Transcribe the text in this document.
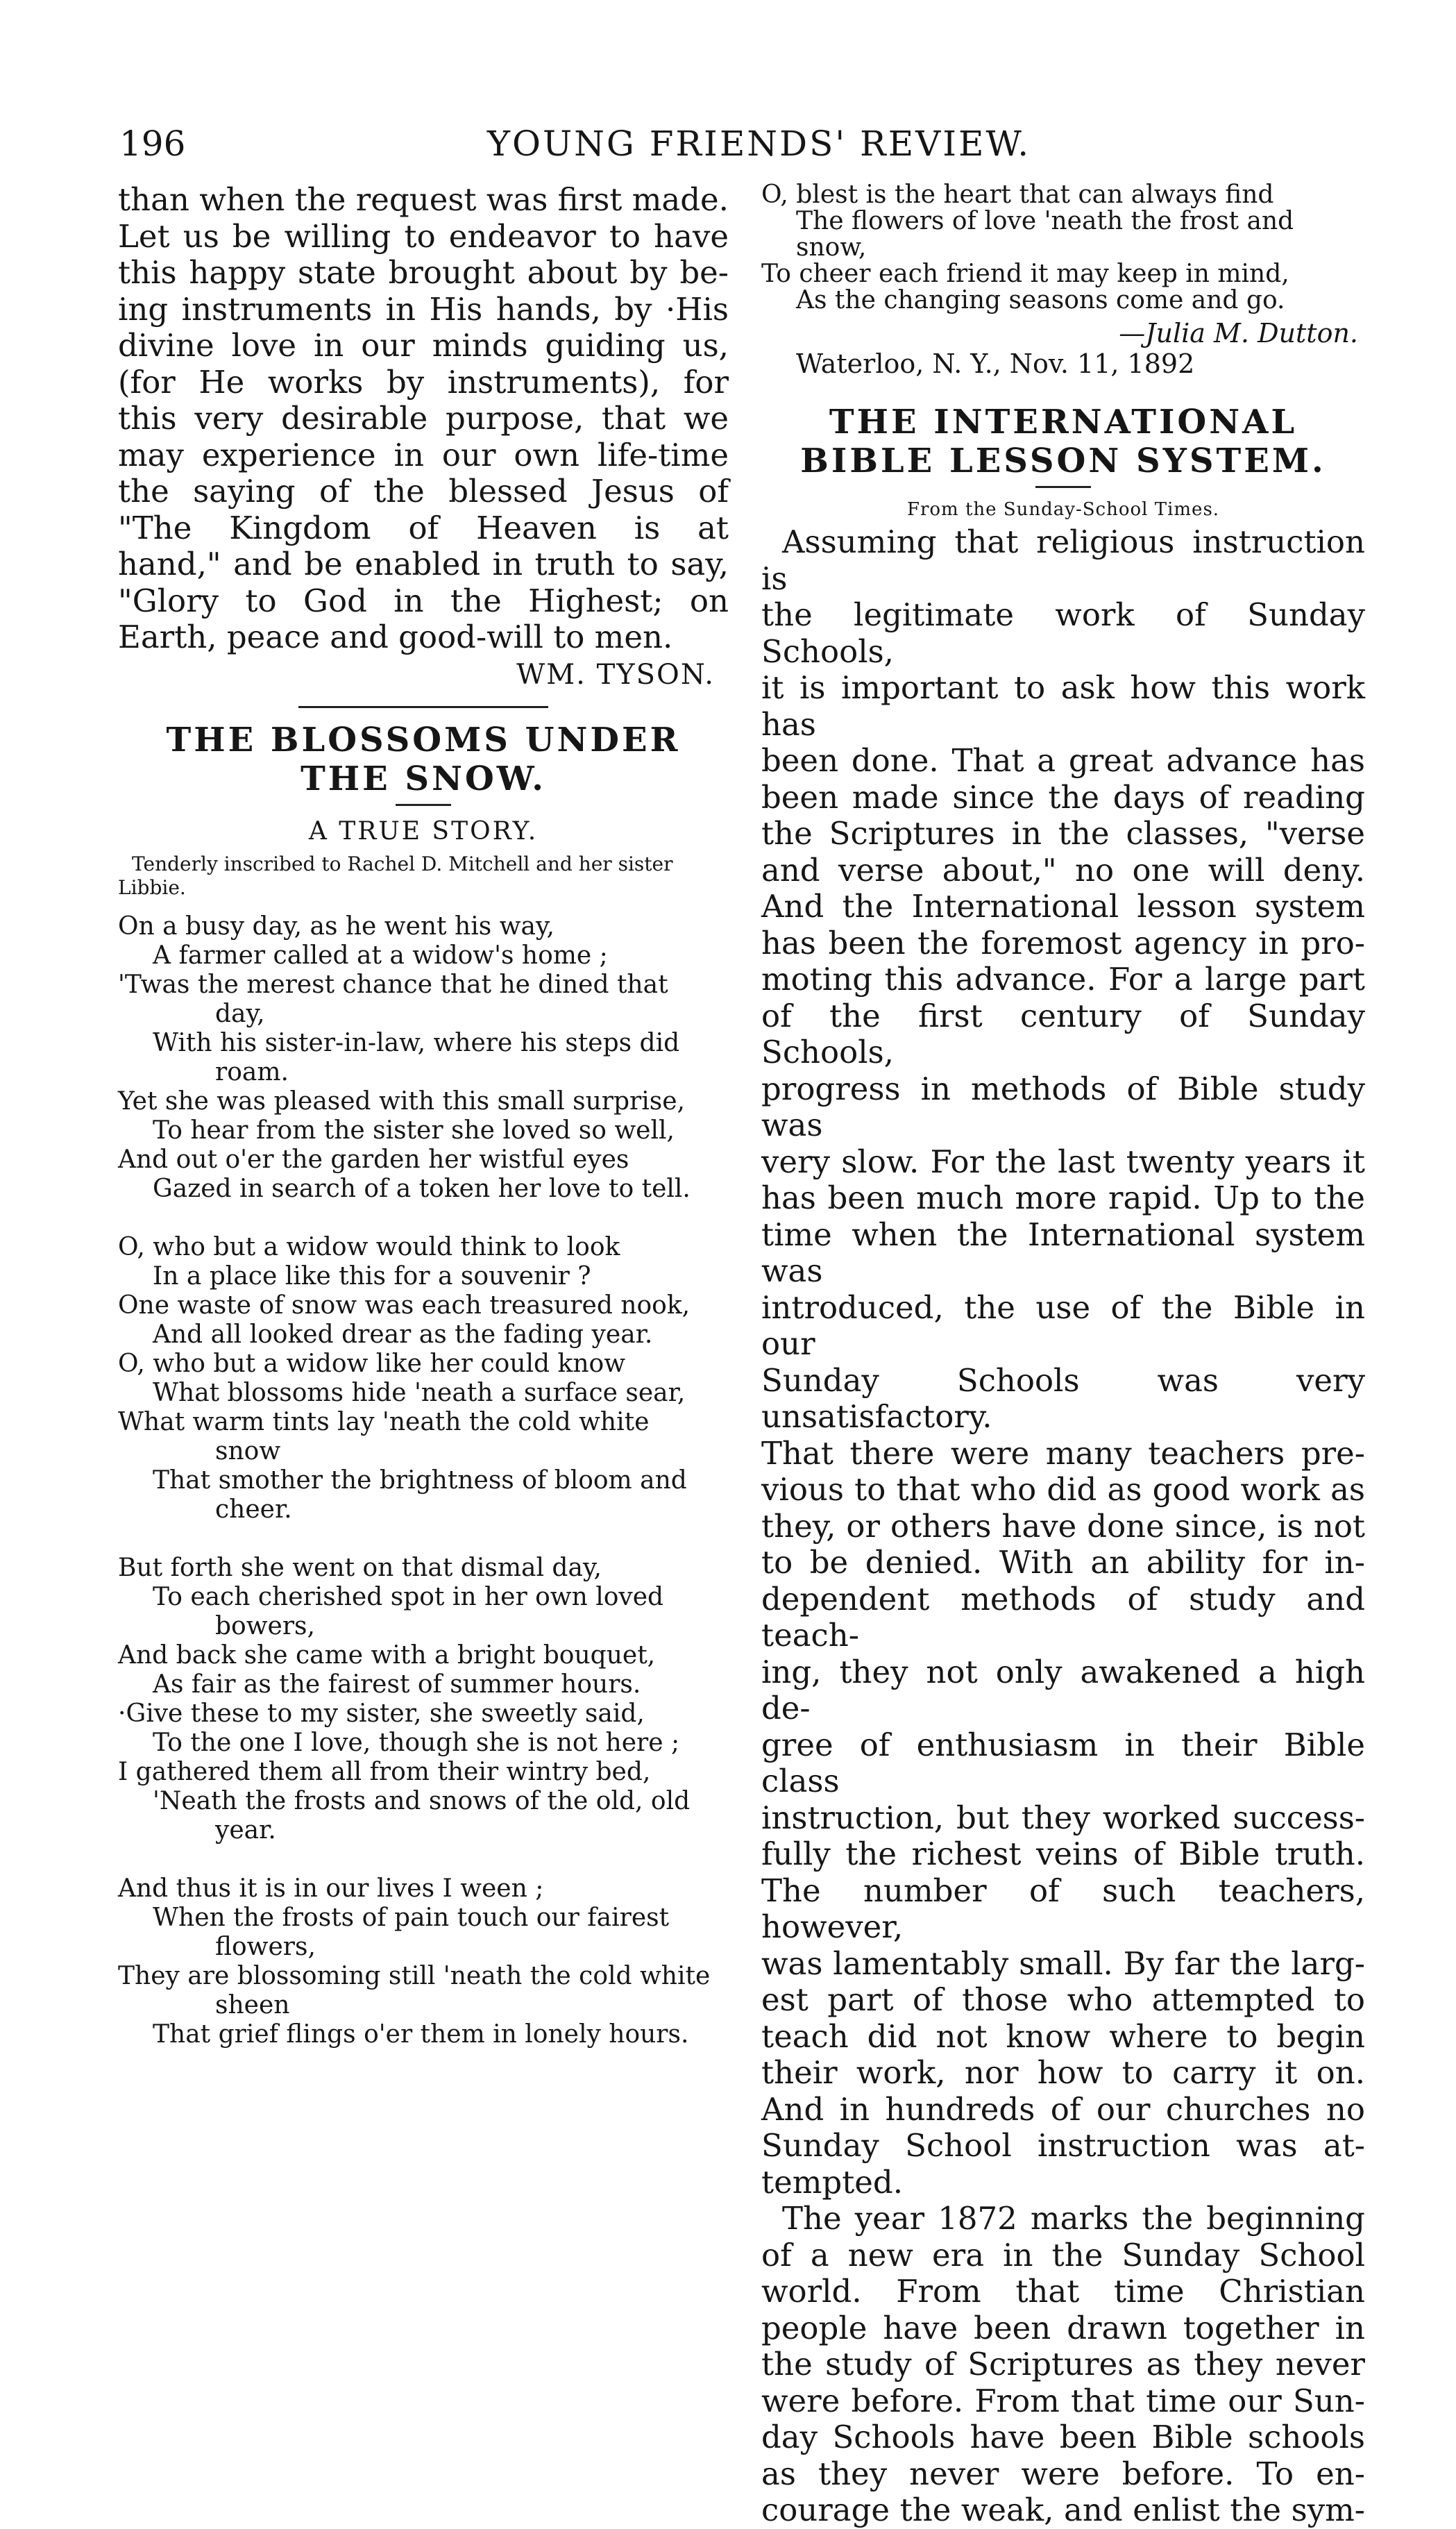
196	YOUNG FRIENDS' REVIEW.
than when the request was first made.
Let us be willing to endeavor to have
this happy state brought about by be-
ing instruments in His hands, by ·His
divine love in our minds guiding us,
(for He works by instruments), for
this very desirable purpose, that we
may experience in our own life-time
the saying of the blessed Jesus of
"The Kingdom of Heaven is at
hand," and be enabled in truth to say,
"Glory to God in the Highest; on
Earth, peace and good-will to men.
WM. TYSON.
THE BLOSSOMS UNDER THE SNOW.
A TRUE STORY.
Tenderly inscribed to Rachel D. Mitchell and her sister Libbie.
On a busy day, as he went his way,
A farmer called at a widow's home ;
'Twas the merest chance that he dined that
day,
With his sister-in-law, where his steps did
roam.
Yet she was pleased with this small surprise,
To hear from the sister she loved so well,
And out o'er the garden her wistful eyes
Gazed in search of a token her love to tell.
O, who but a widow would think to look
In a place like this for a souvenir ?
One waste of snow was each treasured nook,
And all looked drear as the fading year.
O, who but a widow like her could know
What blossoms hide 'neath a surface sear,
What warm tints lay 'neath the cold white
snow
That smother the brightness of bloom and
cheer.
But forth she went on that dismal day,
To each cherished spot in her own loved
bowers,
And back she came with a bright bouquet,
As fair as the fairest of summer hours.
·Give these to my sister, she sweetly said,
To the one I love, though she is not here ;
I gathered them all from their wintry bed,
'Neath the frosts and snows of the old, old
year.
And thus it is in our lives I ween ;
When the frosts of pain touch our fairest
flowers,
They are blossoming still 'neath the cold white
sheen
That grief flings o'er them in lonely hours.
O, blest is the heart that can always find
The flowers of love 'neath the frost and snow,
To cheer each friend it may keep in mind,
As the changing seasons come and go.
—Julia M. Dutton.
Waterloo, N. Y., Nov. 11, 1892
THE INTERNATIONAL BIBLE LESSON SYSTEM.
From the Sunday-School Times.
Assuming that religious instruction is
the legitimate work of Sunday Schools,
it is important to ask how this work has
been done. That a great advance has
been made since the days of reading
the Scriptures in the classes, "verse
and verse about," no one will deny.
And the International lesson system
has been the foremost agency in pro-
moting this advance. For a large part
of the first century of Sunday Schools,
progress in methods of Bible study was
very slow. For the last twenty years it
has been much more rapid. Up to the
time when the International system was
introduced, the use of the Bible in our
Sunday Schools was very unsatisfactory.
That there were many teachers pre-
vious to that who did as good work as
they, or others have done since, is not
to be denied. With an ability for in-
dependent methods of study and teach-
ing, they not only awakened a high de-
gree of enthusiasm in their Bible class
instruction, but they worked success-
fully the richest veins of Bible truth.
The number of such teachers, however,
was lamentably small. By far the larg-
est part of those who attempted to
teach did not know where to begin
their work, nor how to carry it on.
And in hundreds of our churches no
Sunday School instruction was at-
tempted.
The year 1872 marks the beginning
of a new era in the Sunday School
world. From that time Christian
people have been drawn together in
the study of Scriptures as they never
were before. From that time our Sun-
day Schools have been Bible schools
as they never were before. To en-
courage the weak, and enlist the sym-
